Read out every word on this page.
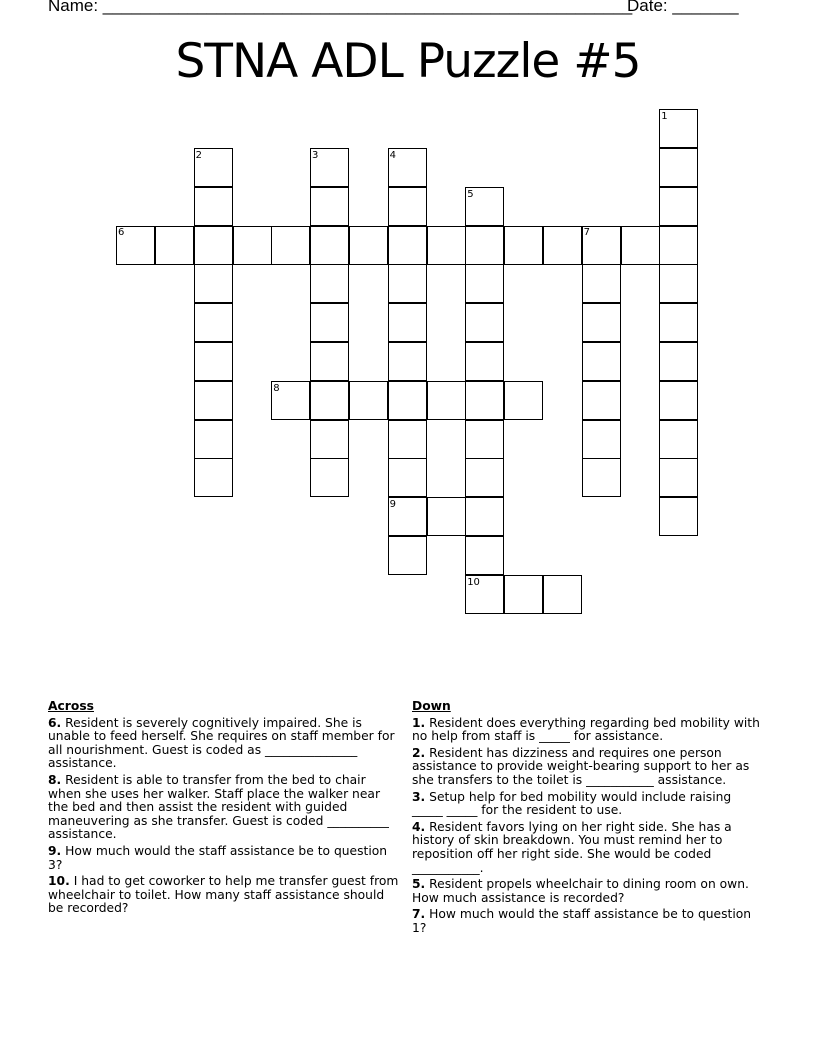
Name: ________________________________________________________
Date: _______
STNA ADL Puzzle #5
1
2	3	4
5
6	7
8
9
10
Across
6. Resident is severely cognitively impaired. She is unable to feed herself. She requires on staff member for all nourishment. Guest is coded as _______________ assistance.
8. Resident is able to transfer from the bed to chair when she uses her walker. Staff place the walker near the bed and then assist the resident with guided maneuvering as she transfer. Guest is coded __________ assistance.
9. How much would the staff assistance be to question 3?
10. I had to get coworker to help me transfer guest from wheelchair to toilet. How many staff assistance should be recorded?
Down
1. Resident does everything regarding bed mobility with no help from staff is _____ for assistance.
2. Resident has dizziness and requires one person assistance to provide weight-bearing support to her as she transfers to the toilet is ___________ assistance.
3. Setup help for bed mobility would include raising _____ _____ for the resident to use.
4. Resident favors lying on her right side. She has a history of skin breakdown. You must remind her to reposition off her right side. She would be coded ___________.
5. Resident propels wheelchair to dining room on own. How much assistance is recorded?
7. How much would the staff assistance be to question 1?
